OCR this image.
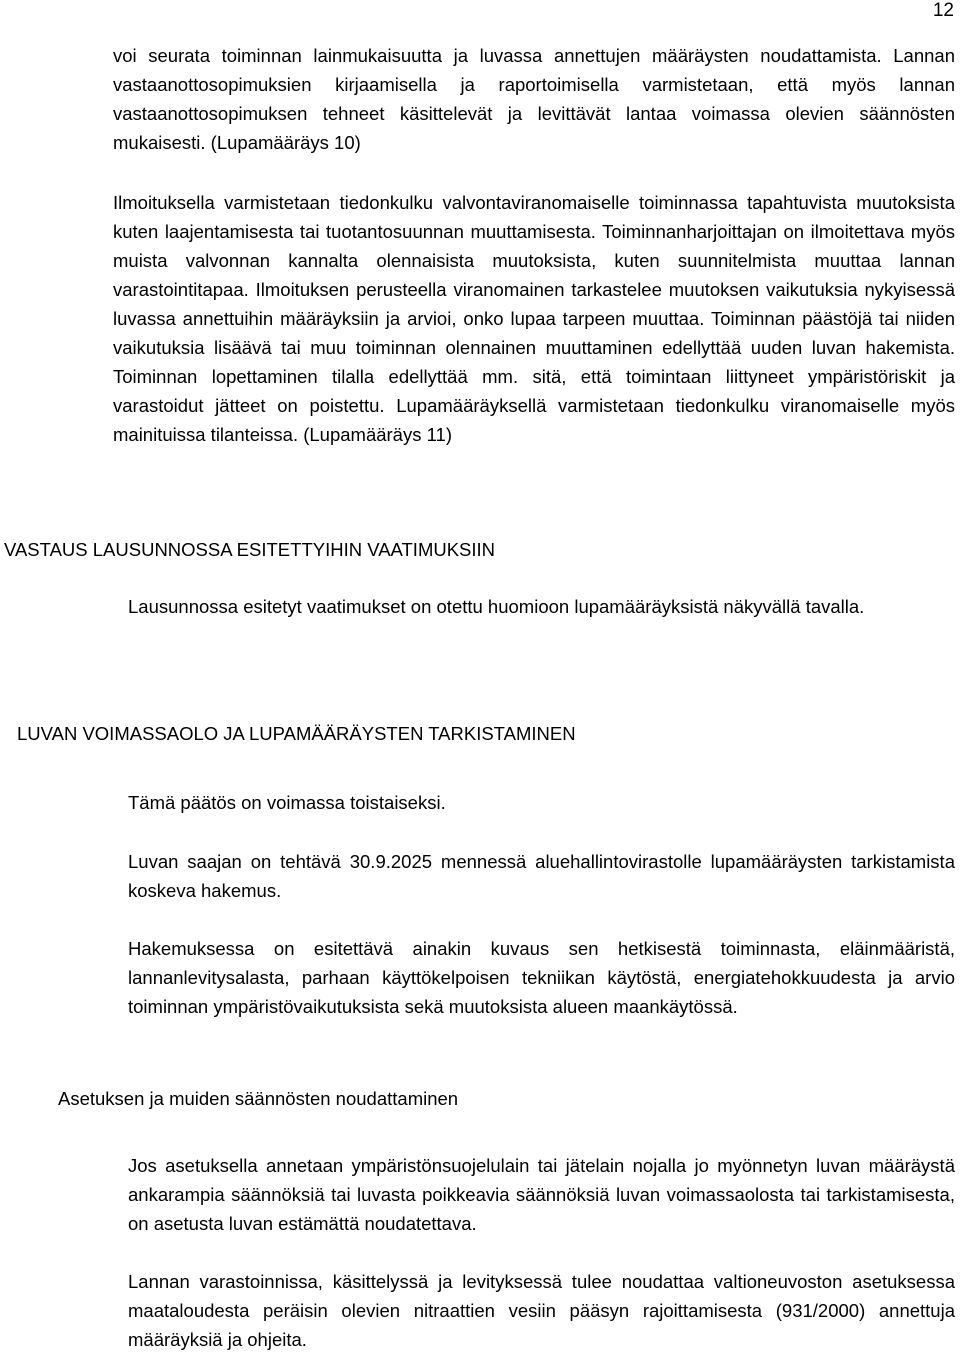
12

voi seurata toiminnan lainmukaisuutta ja luvassa annettujen määräysten noudattamista. Lannan vastaanottosopimuksien kirjaamisella ja raportoimisella varmistetaan, että myös lannan vastaanottosopimuksen tehneet käsittelevät ja levittävät lantaa voimassa olevien säännösten mukaisesti. (Lupamääräys 10)

Ilmoituksella varmistetaan tiedonkulku valvontaviranomaiselle toiminnassa tapahtuvista muutoksista kuten laajentamisesta tai tuotantosuunnan muuttamisesta. Toiminnanharjoittajan on ilmoitettava myös muista valvonnan kannalta olennaisista muutoksista, kuten suunnitelmista muuttaa lannan varastointitapaa. Ilmoituksen perusteella viranomainen tarkastelee muutoksen vaikutuksia nykyisessä luvassa annettuihin määräyksiin ja arvioi, onko lupaa tarpeen muuttaa. Toiminnan päästöjä tai niiden vaikutuksia lisäävä tai muu toiminnan olennainen muuttaminen edellyttää uuden luvan hakemista. Toiminnan lopettaminen tilalla edellyttää mm. sitä, että toimintaan liittyneet ympäristöriskit ja varastoidut jätteet on poistettu. Lupamääräyksellä varmistetaan tiedonkulku viranomaiselle myös mainituissa tilanteissa. (Lupamääräys 11)

VASTAUS LAUSUNNOSSA ESITETTYIHIN VAATIMUKSIIN

Lausunnossa esitetyt vaatimukset on otettu huomioon lupamääräyksistä näkyvällä tavalla.

LUVAN VOIMASSAOLO JA LUPAMÄÄRÄYSTEN TARKISTAMINEN

Tämä päätös on voimassa toistaiseksi.

Luvan saajan on tehtävä 30.9.2025 mennessä aluehallintovirastolle lupamääräysten tarkistamista koskeva hakemus.

Hakemuksessa on esitettävä ainakin kuvaus sen hetkisestä toiminnasta, eläinmääristä, lannanlevitysalasta, parhaan käyttökelpoisen tekniikan käytöstä, energiatehokkuudesta ja arvio toiminnan ympäristövaikutuksista sekä muutoksista alueen maankäytössä.

Asetuksen ja muiden säännösten noudattaminen

Jos asetuksella annetaan ympäristönsuojelulain tai jätelain nojalla jo myönnetyn luvan määräystä ankarampia säännöksiä tai luvasta poikkeavia säännöksiä luvan voimassaolosta tai tarkistamisesta, on asetusta luvan estämättä noudatettava.

Lannan varastoinnissa, käsittelyssä ja levityksessä tulee noudattaa valtioneuvoston asetuksessa maataloudesta peräisin olevien nitraattien vesiin pääsyn rajoittamisesta (931/2000) annettuja määräyksiä ja ohjeita.
